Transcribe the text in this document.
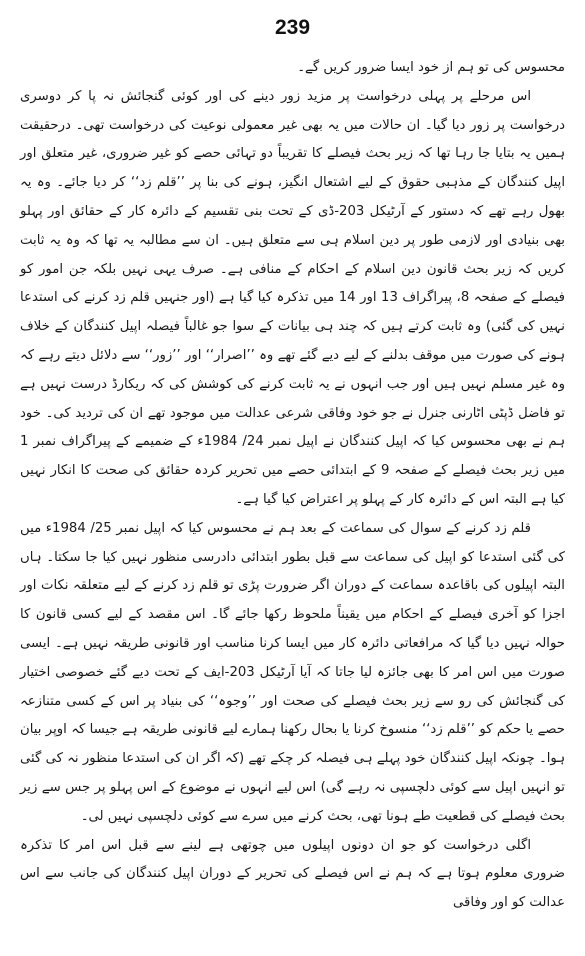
239

محسوس کی تو ہم از خود ایسا ضرور کریں گے۔

اس مرحلے پر پہلی درخواست پر مزید زور دینے کی اور کوئی گنجائش نہ پا کر دوسری درخواست پر زور دیا گیا۔ ان حالات میں یہ بھی غیر معمولی نوعیت کی درخواست تھی۔ درحقیقت ہمیں یہ بتایا جا رہا تھا کہ زیر بحث فیصلے کا تقریباً دو تہائی حصے کو غیر ضروری، غیر متعلق اور اپیل کنندگان کے مذہبی حقوق کے لیے اشتعال انگیز، ہونے کی بنا پر ’’قلم زد‘‘ کر دیا جائے۔ وہ یہ بھول رہے تھے کہ دستور کے آرٹیکل 203-ڈی کے تحت بنی تقسیم کے دائرہ کار کے حقائق اور پہلو بھی بنیادی اور لازمی طور پر دین اسلام ہی سے متعلق ہیں۔ ان سے مطالبہ یہ تھا کہ وہ یہ ثابت کریں کہ زیر بحث قانون دین اسلام کے احکام کے منافی ہے۔ صرف یہی نہیں بلکہ جن امور کو فیصلے کے صفحہ 8، پیراگراف 13 اور 14 میں تذکرہ کیا گیا ہے (اور جنہیں قلم زد کرنے کی استدعا نہیں کی گئی) وہ ثابت کرتے ہیں کہ چند ہی بیانات کے سوا جو غالباً فیصلہ اپیل کنندگان کے خلاف ہونے کی صورت میں موقف بدلنے کے لیے دیے گئے تھے وہ ’’اصرار‘‘ اور ’’زور‘‘ سے دلائل دیتے رہے کہ وہ غیر مسلم نہیں ہیں اور جب انہوں نے یہ ثابت کرنے کی کوشش کی کہ ریکارڈ درست نہیں ہے تو فاضل ڈپٹی اٹارنی جنرل نے جو خود وفاقی شرعی عدالت میں موجود تھے ان کی تردید کی۔ خود ہم نے بھی محسوس کیا کہ اپیل کنندگان نے اپیل نمبر 24/ 1984ء کے ضمیمے کے پیراگراف نمبر 1 میں زیر بحث فیصلے کے صفحہ 9 کے ابتدائی حصے میں تحریر کردہ حقائق کی صحت کا انکار نہیں کیا ہے البتہ اس کے دائرہ کار کے پہلو پر اعتراض کیا گیا ہے۔

قلم زد کرنے کے سوال کی سماعت کے بعد ہم نے محسوس کیا کہ اپیل نمبر 25/ 1984ء میں کی گئی استدعا کو اپیل کی سماعت سے قبل بطور ابتدائی دادرسی منظور نہیں کیا جا سکتا۔ ہاں البتہ اپیلوں کی باقاعدہ سماعت کے دوران اگر ضرورت پڑی تو قلم زد کرنے کے لیے متعلقہ نکات اور اجزا کو آخری فیصلے کے احکام میں یقیناً ملحوظ رکھا جائے گا۔ اس مقصد کے لیے کسی قانون کا حوالہ نہیں دیا گیا کہ مرافعاتی دائرہ کار میں ایسا کرنا مناسب اور قانونی طریقہ نہیں ہے۔ ایسی صورت میں اس امر کا بھی جائزہ لیا جاتا کہ آیا آرٹیکل 203-ایف کے تحت دیے گئے خصوصی اختیار کی گنجائش کی رو سے زیر بحث فیصلے کی صحت اور ’’وجوہ‘‘ کی بنیاد پر اس کے کسی متنازعہ حصے یا حکم کو ’’قلم زد‘‘ منسوخ کرنا یا بحال رکھنا ہمارے لیے قانونی طریقہ ہے جیسا کہ اوپر بیان ہوا۔ چونکہ اپیل کنندگان خود پہلے ہی فیصلہ کر چکے تھے (کہ اگر ان کی استدعا منظور نہ کی گئی تو انہیں اپیل سے کوئی دلچسپی نہ رہے گی) اس لیے انہوں نے موضوع کے اس پہلو پر جس سے زیر بحث فیصلے کی قطعیت طے ہونا تھی، بحث کرنے میں سرے سے کوئی دلچسپی نہیں لی۔

اگلی درخواست کو جو ان دونوں اپیلوں میں چوتھی ہے لینے سے قبل اس امر کا تذکرہ ضروری معلوم ہوتا ہے کہ ہم نے اس فیصلے کی تحریر کے دوران اپیل کنندگان کی جانب سے اس عدالت کو اور وفاقی
